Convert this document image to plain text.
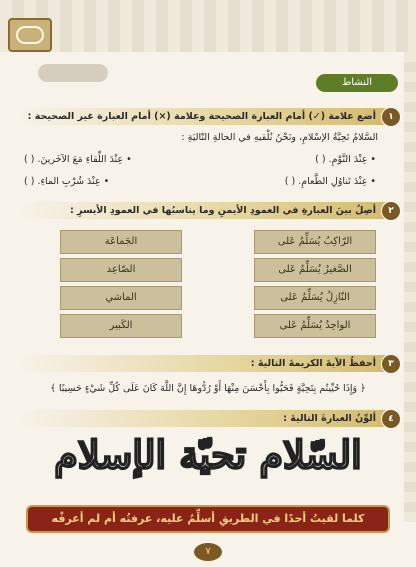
النشاط
١
أضع علامة (✓) أمام العبارة الصحيحة وعلامة (×) أمام العبارة غير الصحيحة :
السَّلامُ تَحِيَّةُ الإسْلامِ، ونَحْنُ نُلْقيهِ في الحالةِ التّاليَةِ :
• عِنْدَ النَّوْمِ. ( )
• عِنْدَ اللِّقاءِ مَعَ الآخَرينَ. ( )
• عِنْدَ تَناوُلِ الطَّعامِ. ( )
• عِنْدَ شُرْبِ الماءِ. ( )
٢
أصِلُ بينَ العبارةِ في العمودِ الأيمنِ وما يناسبُها في العمودِ الأيسرِ :
الرّاكِبُ يُسَلِّمُ عَلى
الصَّغيرُ يُسَلِّمُ عَلى
النّازِلُ يُسَلِّمُ عَلى
الواحِدُ يُسَلِّمُ عَلى
الجَماعَة
الصّاعِد
الماشي
الكَبير
٣
أحفظُ الآيةَ الكريمةَ التاليةَ :
﴿ وَإِذَا حُيِّيتُم بِتَحِيَّةٍ فَحَيُّوا بِأَحْسَنَ مِنْهَا أَوْ رُدُّوهَا إِنَّ اللَّهَ كَانَ عَلَى كُلِّ شَيْءٍ حَسِيبًا ﴾
٤
ألوِّنُ العبارةَ التاليةَ :
السّلام تحيّة الإسلام
كلما لقيتُ أحدًا في الطريقِ أسلِّمُ عليه، عرفتُه أم لم أعرفْه
٧
